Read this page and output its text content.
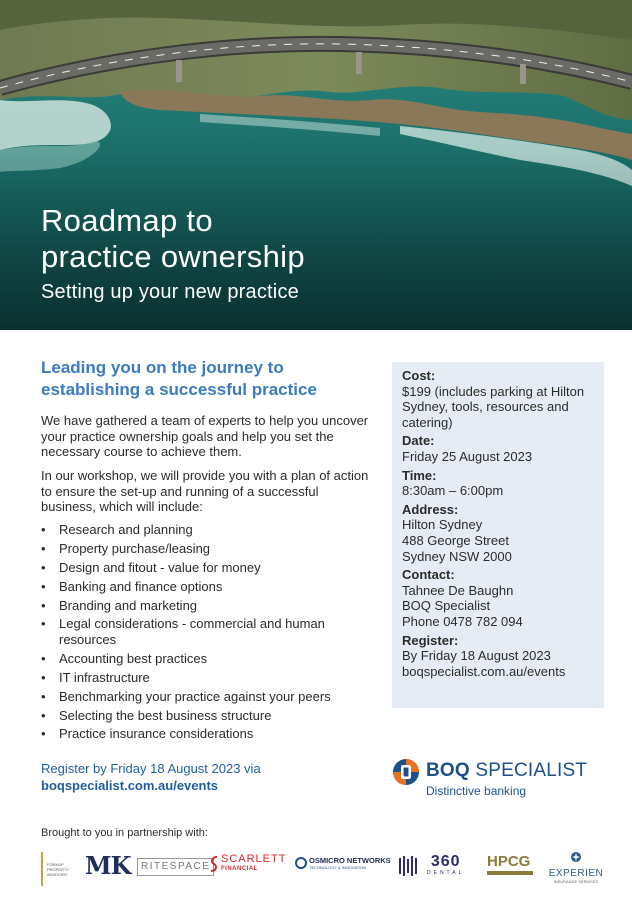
Roadmap to
practice ownership
Setting up your new practice
Leading you on the journey to establishing a successful practice

We have gathered a team of experts to help you uncover your practice ownership goals and help you set the necessary course to achieve them.

In our workshop, we will provide you with a plan of action to ensure the set-up and running of a successful business, which will include:

• Research and planning
• Property purchase/leasing
• Design and fitout - value for money
• Banking and finance options
• Branding and marketing
• Legal considerations - commercial and human resources
• Accounting best practices
• IT infrastructure
• Benchmarking your practice against your peers
• Selecting the best business structure
• Practice insurance considerations
Register by Friday 18 August 2023 via
boqspecialist.com.au/events
Cost:
$199 (includes parking at Hilton Sydney, tools, resources and catering)
Date:
Friday 25 August 2023
Time:
8:30am – 6:00pm
Address:
Hilton Sydney
488 George Street
Sydney NSW 2000
Contact:
Tahnee De Baughn
BOQ Specialist
Phone 0478 782 094
Register:
By Friday 18 August 2023
boqspecialist.com.au/events
BOQ SPECIALIST
Distinctive banking
Brought to you in partnership with:
FORKUP PROPERTY ADVISORY MK	RITESPACE
SCARLETT
FINANCIAL
OSMICRO NETWORKS
TECHNOLOGY & INNOVATION	360
DENTAL
HPCG
EXPERIEN
INSURANCE SERVICES
